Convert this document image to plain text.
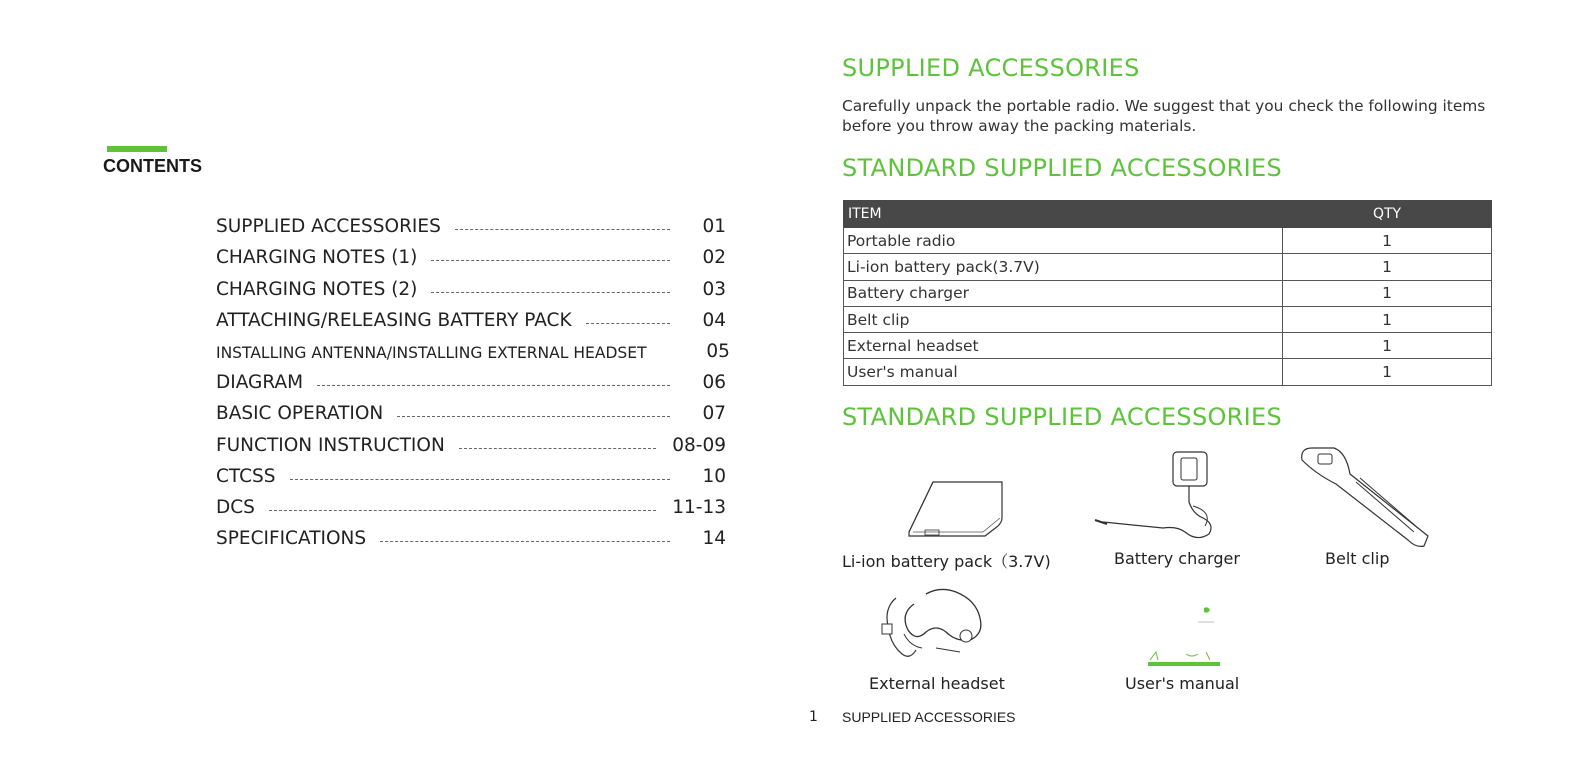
CONTENTS
SUPPLIED ACCESSORIES	01
CHARGING NOTES (1)	02
CHARGING NOTES (2)	03
ATTACHING/RELEASING BATTERY PACK	04
INSTALLING ANTENNA/INSTALLING EXTERNAL HEADSET	05
DIAGRAM	06
BASIC OPERATION	07
FUNCTION INSTRUCTION	08-09
CTCSS	10
DCS	11-13
SPECIFICATIONS	14
SUPPLIED ACCESSORIES

Carefully unpack the portable radio. We suggest that you check the following items before you throw away the packing materials.

STANDARD SUPPLIED ACCESSORIES
ITEM	QTY
Portable radio	1
Li-ion battery pack(3.7V)	1
Battery charger	1
Belt clip	1
External headset	1
User's manual	1
STANDARD SUPPLIED ACCESSORIES
Li-ion battery pack（3.7V)	Battery charger	Belt clip
External headset	User's manual
1 SUPPLIED ACCESSORIES
